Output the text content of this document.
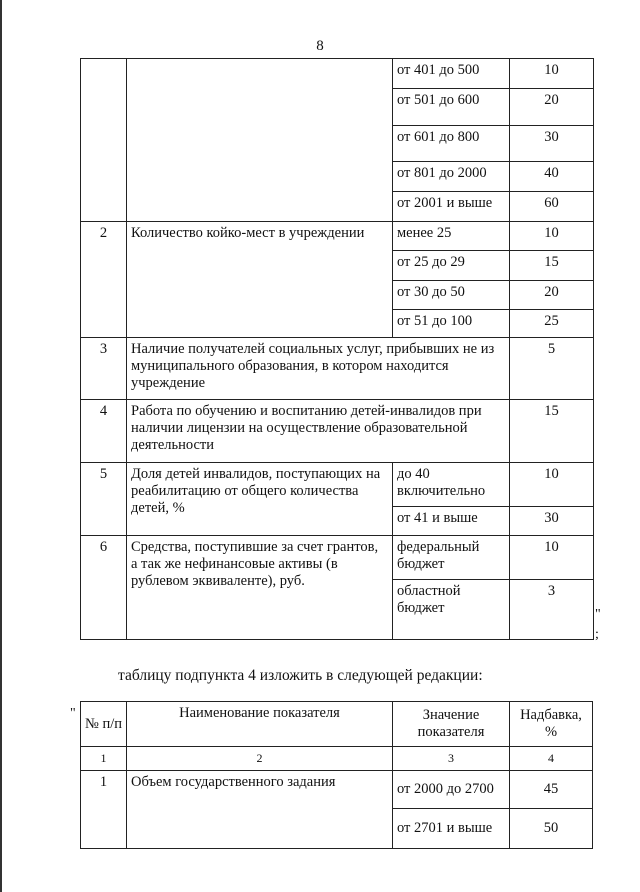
8
		от 401 до 500	10
		от 501 до 600	20
		от 601 до 800	30
		от 801 до 2000	40
		от 2001 и выше	60
2	Количество койко-мест в учреждении	менее 25	10
		от 25 до 29	15
		от 30 до 50	20
		от 51 до 100	25
3	Наличие получателей социальных услуг, прибывших не из муниципального образования, в котором находится учреждение		5
4	Работа по обучению и воспитанию детей-инвалидов при наличии лицензии на осуществление образовательной деятельности		15
5	Доля детей инвалидов, поступающих на реабилитацию от общего количества детей, %	до 40 включительно	10
		от 41 и выше	30
6	Средства, поступившие за счет грантов, а так же нефинансовые активы (в рублевом эквиваленте), руб.	федеральный бюджет	10
		областной бюджет	3
"
;
таблицу подпункта 4 изложить в следующей редакции:
"
№ п/п	Наименование показателя	Значение показателя	Надбавка, %
1	2	3	4
1	Объем государственного задания	от 2000 до 2700	45
		от 2701 и выше	50
